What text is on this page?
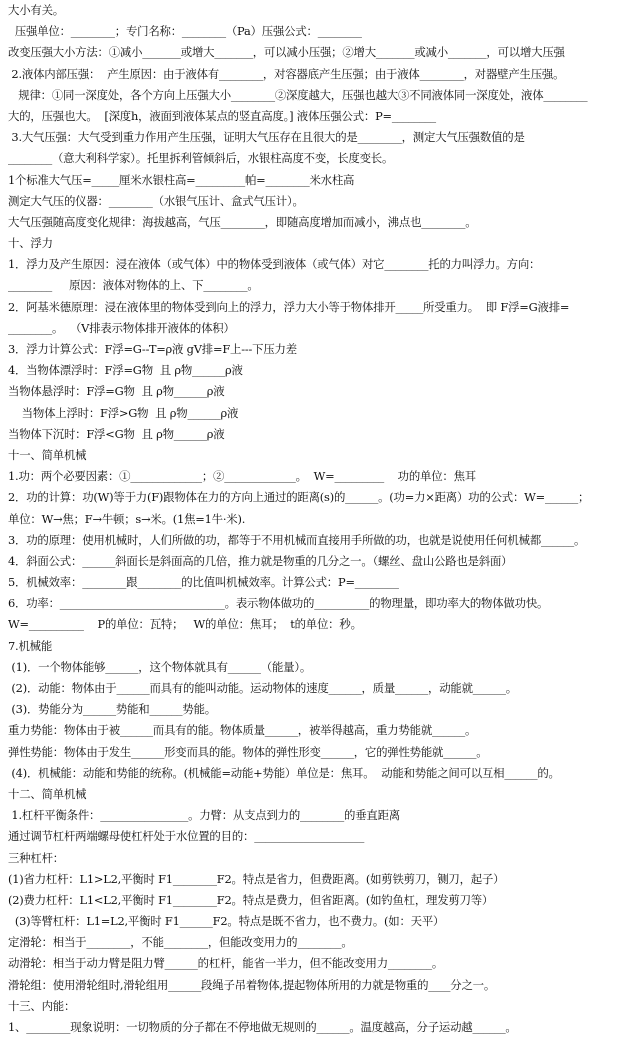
大小有关。
压强单位：________；专门名称：________（Pa）压强公式：________
改变压强大小方法：①减小_______或增大_______，可以减小压强；②增大_______或减小_______，可以增大压强
2.液体内部压强：  产生原因：由于液体有________，对容器底产生压强；由于液体________，对器壁产生压强。
规律：①同一深度处，各个方向上压强大小________②深度越大，压强也越大③不同液体同一深度处，液体________
大的，压强也大。  [深度h，液面到液体某点的竖直高度。] 液体压强公式：P=________
3.大气压强：大气受到重力作用产生压强，证明大气压存在且很大的是________，测定大气压强数值的是
________（意大利科学家）。托里拆利管倾斜后，水银柱高度不变，长度变长。
1个标准大气压=_____厘米水银柱高=_________帕=________米水柱高
测定大气压的仪器：________（水银气压计、盒式气压计）。
大气压强随高度变化规律：海拔越高，气压________，即随高度增加而减小，沸点也________。
十、浮力
1．浮力及产生原因：浸在液体（或气体）中的物体受到液体（或气体）对它________托的力叫浮力。方向：
________     原因：液体对物体的上、下________。
2．阿基米德原理：浸在液体里的物体受到向上的浮力，浮力大小等于物体排开_____所受重力。  即 F浮=G液排=
________。  （V排表示物体排开液体的体积）
3．浮力计算公式：F浮=G--T=ρ液 gV排=F上---下压力差
4．当物体漂浮时：F浮=G物  且 ρ物______ρ液
当物体悬浮时：F浮=G物  且 ρ物______ρ液
当物体上浮时：F浮>G物  且 ρ物______ρ液
当物体下沉时：F浮<G物  且 ρ物______ρ液
十一、简单机械
1.功：两个必要因素：①_____________；②_____________。  W=_________    功的单位：焦耳
2．功的计算：功(W)等于力(F)跟物体在力的方向上通过的距离(s)的______。(功=力×距离）功的公式：W=______；
单位：W→焦；F→牛顿；s→米。(1焦=1牛·米).
3．功的原理：使用机械时，人们所做的功，都等于不用机械而直接用手所做的功，也就是说使用任何机械都______。
4．斜面公式：______斜面长是斜面高的几倍，推力就是物重的几分之一。（螺丝、盘山公路也是斜面）
5．机械效率：________跟________的比值叫机械效率。计算公式：P=________
6．功率：______________________________。表示物体做功的__________的物理量，即功率大的物体做功快。
W=__________    P的单位：瓦特；   W的单位：焦耳；  t的单位：秒。
7.机械能
(1)．一个物体能够______，这个物体就具有______（能量）。
(2)．动能：物体由于______而具有的能叫动能。运动物体的速度______，质量______，动能就______。
(3)．势能分为______势能和______势能。
重力势能：物体由于被______而具有的能。物体质量______，被举得越高，重力势能就______。
弹性势能：物体由于发生______形变而具的能。物体的弹性形变______，它的弹性势能就______。
(4)．机械能：动能和势能的统称。(机械能=动能+势能）单位是：焦耳。  动能和势能之间可以互相______的。
十二、简单机械
1.杠杆平衡条件：________________。力臂：从支点到力的________的垂直距离
通过调节杠杆两端螺母使杠杆处于水位置的目的：____________________
三种杠杆：
(1)省力杠杆：L1>L2,平衡时 F1________F2。特点是省力，但费距离。(如剪铁剪刀，铡刀，起子）
(2)费力杠杆：L1<L2,平衡时 F1________F2。特点是费力，但省距离。(如钓鱼杠，理发剪刀等）
(3)等臂杠杆：L1=L2,平衡时 F1______F2。特点是既不省力，也不费力。(如：天平）
定滑轮：相当于________，不能________，但能改变用力的________。
动滑轮：相当于动力臂是阻力臂______的杠杆，能省一半力，但不能改变用力________。
滑轮组：使用滑轮组时,滑轮组用______段绳子吊着物体,提起物体所用的力就是物重的____分之一。
十三、内能：
1、________现象说明：一切物质的分子都在不停地做无规则的______。温度越高，分子运动越______。
